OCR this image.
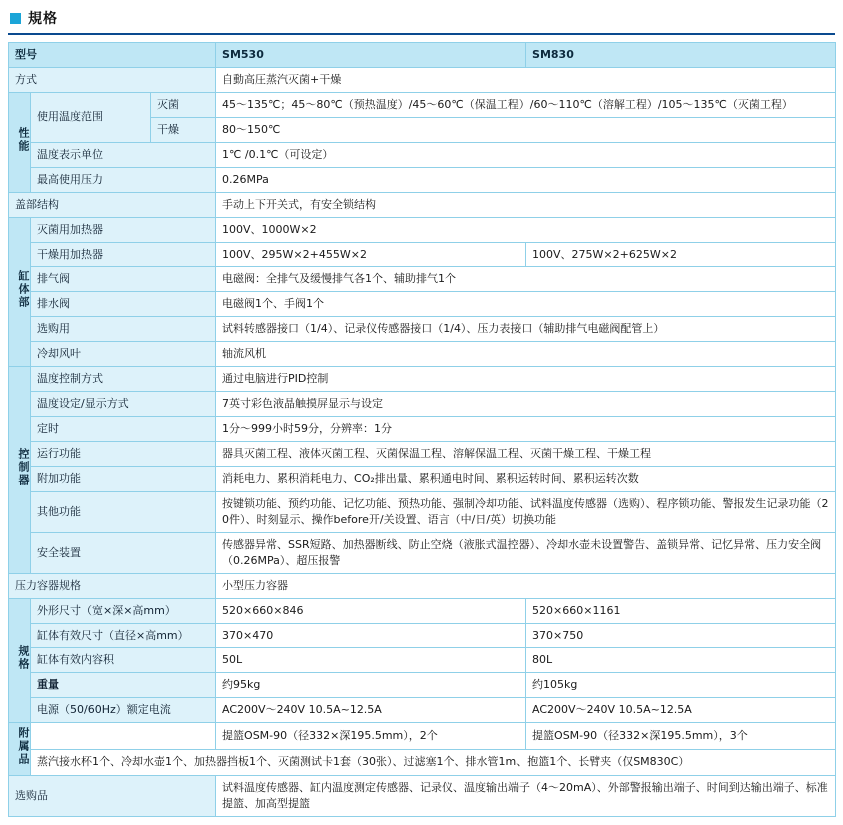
規格
型号			SM530	SM830
方式			自動高圧蒸汽灭菌+干燥	
性能	使用温度范围	灭菌	45～135℃；45～80℃（预热温度）/45～60℃（保温工程）/60～110℃（溶解工程）/105～135℃（灭菌工程）	
		干燥	80～150℃	
	温度表示单位		1℃ /0.1℃（可设定）	
	最高使用压力		0.26MPa	
盖部结构			手动上下开关式，有安全锁结构	
缸体部	灭菌用加热器		100V、1000W×2	
	干燥用加热器		100V、295W×2+455W×2	100V、275W×2+625W×2
	排气阀		电磁阀：全排气及缓慢排气各1个、辅助排气1个	
	排水阀		电磁阀1个、手阀1个	
	选购用		试料转感器接口（1/4）、记录仪传感器接口（1/4）、压力表接口（辅助排气电磁阀配管上）	
	冷却风叶		轴流风机	
控制器	温度控制方式		通过电脑进行PID控制	
	温度设定/显示方式		7英寸彩色液晶触摸屏显示与设定	
	定时		1分～999小时59分，分辨率：1分	
	运行功能		器具灭菌工程、液体灭菌工程、灭菌保温工程、溶解保温工程、灭菌干燥工程、干燥工程	
	附加功能		消耗电力、累积消耗电力、CO₂排出量、累积通电时间、累积运转时间、累积运转次数	
	其他功能		按键锁功能、预约功能、记忆功能、预热功能、强制冷却功能、试料温度传感器（选购）、程序锁功能、警报发生记录功能（20件）、时刻显示、操作before开/关设置、语言（中/日/英）切换功能	
	安全装置		传感器异常、SSR短路、加热器断线、防止空烧（液胀式温控器）、冷却水壶未设置警告、盖锁异常、记忆异常、压力安全阀（0.26MPa）、超压报警	
压力容器规格			小型压力容器	
规格	外形尺寸（宽×深×高mm）		520×660×846	520×660×1161
	缸体有效尺寸（直径×高mm）		370×470	370×750
	缸体有效内容积		50L	80L
	重量		约95kg	约105kg
	电源（50/60Hz）额定电流		AC200V～240V 10.5A~12.5A	AC200V～240V 10.5A~12.5A
附属品			提篮OSM-90（径332×深195.5mm），2个	提篮OSM-90（径332×深195.5mm），3个
	蒸汽接水杯1个、冷却水壶1个、加热器挡板1个、灭菌测试卡1套（30张）、过滤塞1个、排水管1m、抱篮1个、长臂夹（仅SM830C）			
选购品			试料温度传感器、缸内温度测定传感器、记录仪、温度输出端子（4～20mA）、外部警报输出端子、时间到达输出端子、标准提篮、加高型提篮	
